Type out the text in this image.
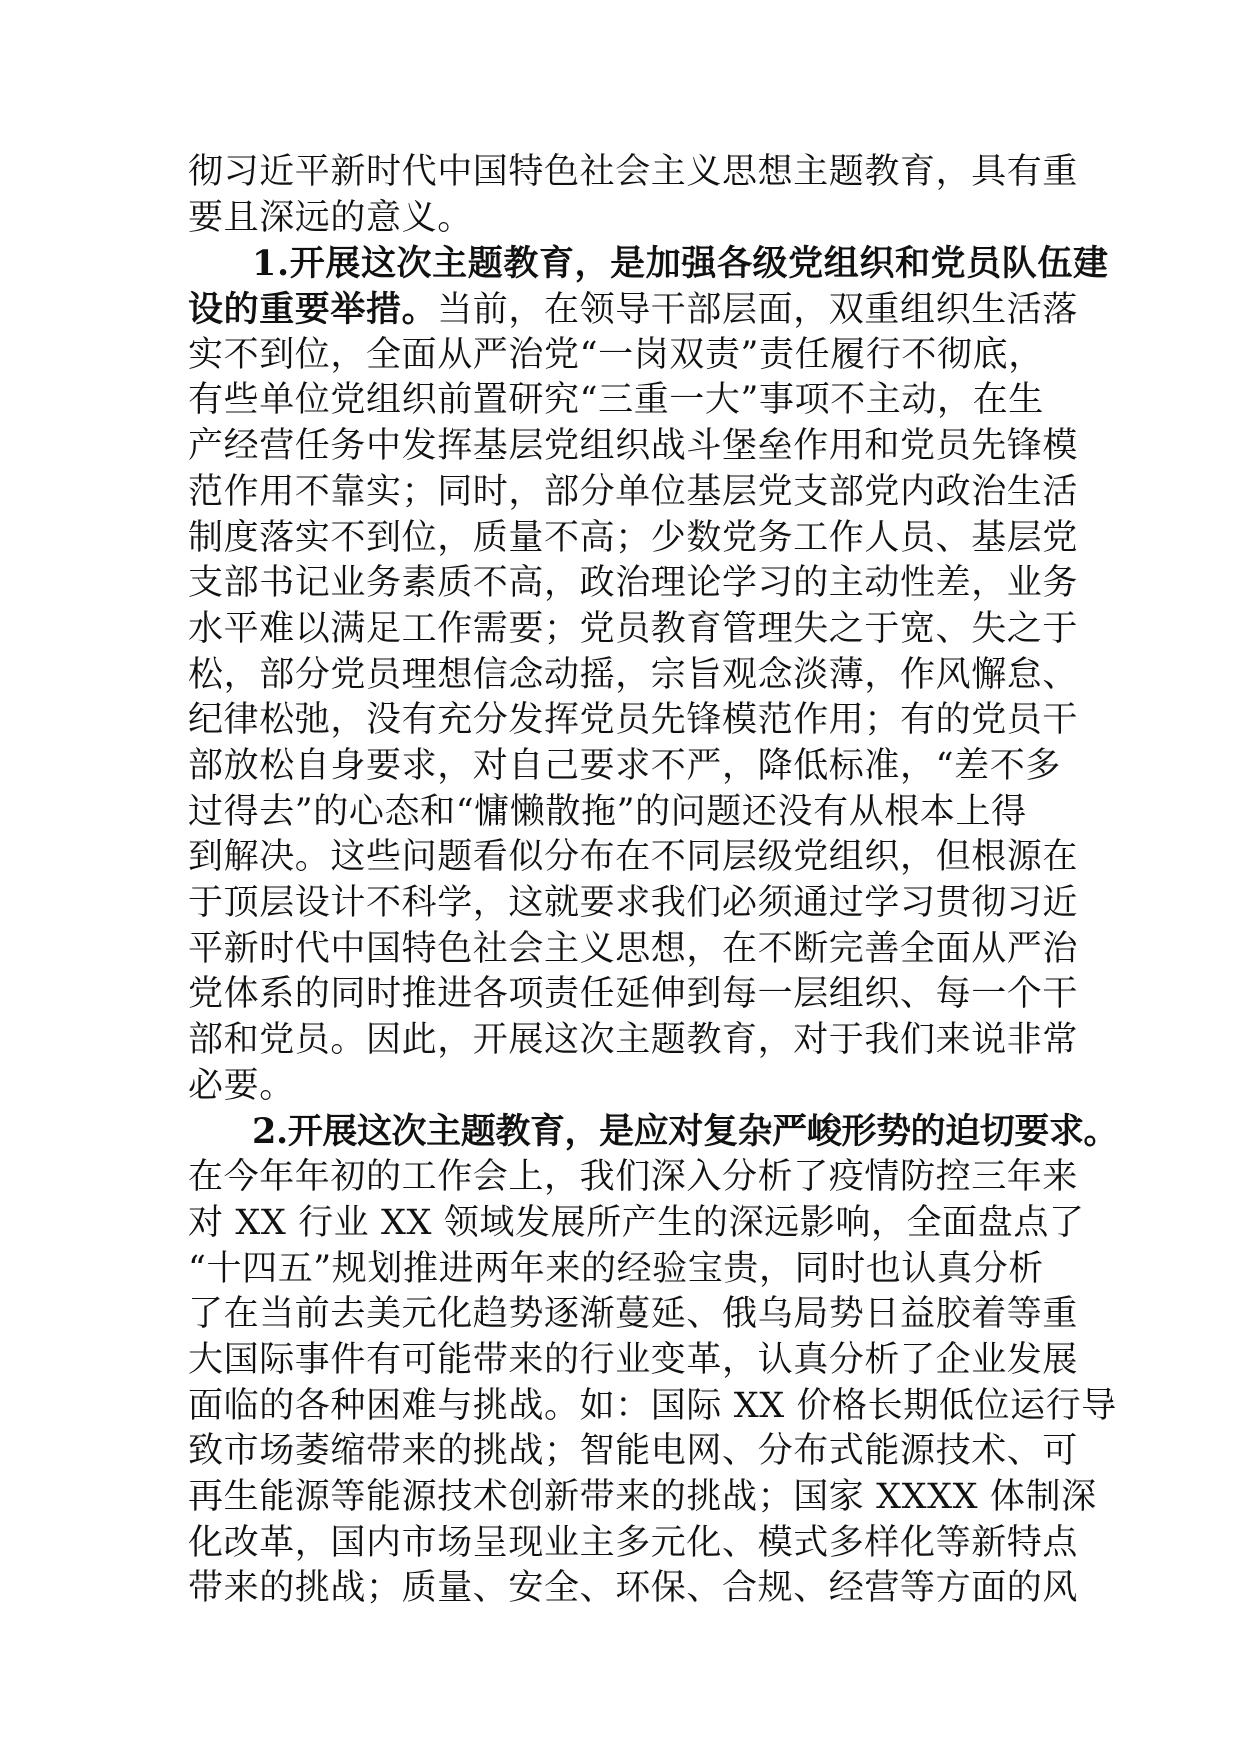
彻习近平新时代中国特色社会主义思想主题教育，具有重
要且深远的意义。
1.开展这次主题教育，是加强各级党组织和党员队伍建
设的重要举措。当前，在领导干部层面，双重组织生活落
实不到位，全面从严治党“一岗双责”责任履行不彻底，
有些单位党组织前置研究“三重一大”事项不主动，在生
产经营任务中发挥基层党组织战斗堡垒作用和党员先锋模
范作用不靠实；同时，部分单位基层党支部党内政治生活
制度落实不到位，质量不高；少数党务工作人员、基层党
支部书记业务素质不高，政治理论学习的主动性差，业务
水平难以满足工作需要；党员教育管理失之于宽、失之于
松，部分党员理想信念动摇，宗旨观念淡薄，作风懈怠、
纪律松弛，没有充分发挥党员先锋模范作用；有的党员干
部放松自身要求，对自己要求不严，降低标准，“差不多
过得去”的心态和“慵懒散拖”的问题还没有从根本上得
到解决。这些问题看似分布在不同层级党组织，但根源在
于顶层设计不科学，这就要求我们必须通过学习贯彻习近
平新时代中国特色社会主义思想，在不断完善全面从严治
党体系的同时推进各项责任延伸到每一层组织、每一个干
部和党员。因此，开展这次主题教育，对于我们来说非常
必要。
2.开展这次主题教育，是应对复杂严峻形势的迫切要求。
在今年年初的工作会上，我们深入分析了疫情防控三年来
对 XX 行业 XX 领域发展所产生的深远影响，全面盘点了
“十四五”规划推进两年来的经验宝贵，同时也认真分析
了在当前去美元化趋势逐渐蔓延、俄乌局势日益胶着等重
大国际事件有可能带来的行业变革，认真分析了企业发展
面临的各种困难与挑战。如：国际 XX 价格长期低位运行导
致市场萎缩带来的挑战；智能电网、分布式能源技术、可
再生能源等能源技术创新带来的挑战；国家 XXXX 体制深
化改革，国内市场呈现业主多元化、模式多样化等新特点
带来的挑战；质量、安全、环保、合规、经营等方面的风
